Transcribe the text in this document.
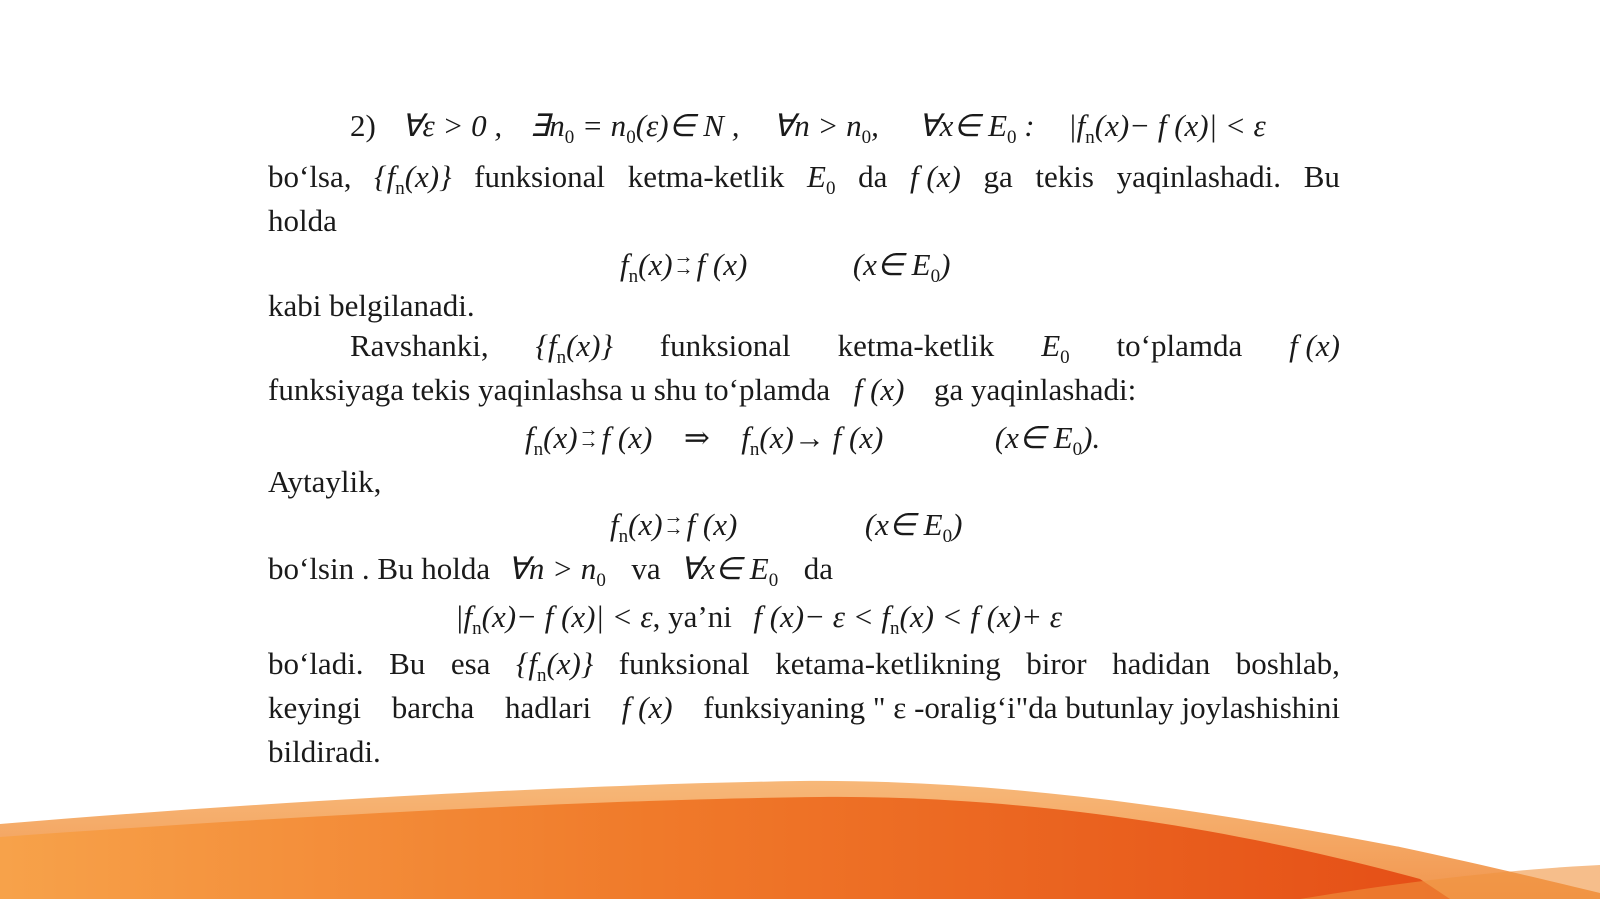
2) ∀ε > 0 , $\exists n_0$ = $n_0(\varepsilon)\in$ N , ∀n > $n_0$, ∀x∈ $E_0$ : $|f_n(x)- f$ (x)| < ε
bo‘lsa, $\{f_n(x)\}$ funksional ketma-ketlik $E_0$ da f (x) ga tekis yaqinlashadi. Bu
holda
$f_n(x)\to \to f$ (x)	(x∈ $E_0$)
kabi belgilanadi.
Ravshanki, $\{f_n(x)\}$ funksional ketma-ketlik $E_0$ to‘plamda f (x)
funksiyaga tekis yaqinlashsa u shu to‘plamda f (x) ga yaqinlashadi:
$f_n(x)\to \to f$ (x) ⇒ $f_n(x)\to f$ (x)	(x∈ $E_0$).
Aytaylik,
$f_n(x)\to \to f$ (x)	(x∈ $E_0$)
bo‘lsin . Bu holda ∀n > $n_0$ va ∀x∈ $E_0$ da
$|f_n(x)- f$ (x)| < ε, ya’ni f $(x)- \varepsilon < f_n(x) < f$ (x)+ ε
bo‘ladi. Bu esa $\{f_n(x)\}$ funksional ketama-ketlikning biror hadidan boshlab,
keyingi barcha hadlari f (x) funksiyaning " ε -oralig‘i"da butunlay joylashishini
bildiradi.
